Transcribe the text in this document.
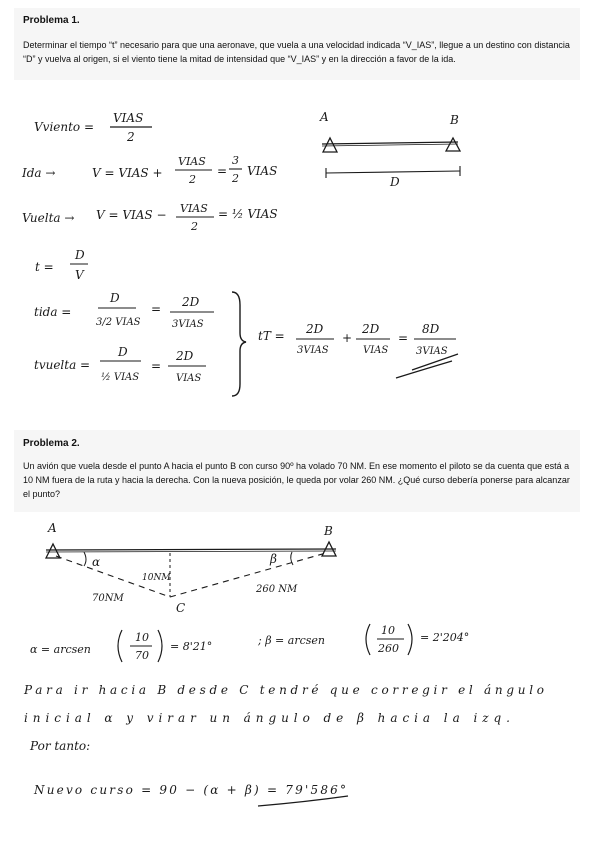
Problema 1.
Determinar el tiempo “t” necesario para que una aeronave, que vuela a una velocidad indicada “V_IAS”, llegue a un destino con distancia “D” y vuelva al origen, si el viento tiene la mitad de intensidad que “V_IAS” y en la dirección a favor de la ida.
Vviento =
VIAS
2
Ida →	V = VIAS +
VIAS
2
=
3
2
VIAS
Vuelta → V = VIAS − VIAS
2
= ½ VIAS
t =
D
V
tida =
D
3/2 VIAS
= 2D
3VIAS
tvuelta =
D
½ VIAS
=
2D
VIAS
tT = 2D
3VIAS
+
2D
VIAS
=
8D
3VIAS
A	B
D
Problema 2.
Un avión que vuela desde el punto A hacia el punto B con curso 90º ha volado 70 NM. En ese momento el piloto se da cuenta que está a 10 NM fuera de la ruta y hacia la derecha. Con la nueva posición, le queda por volar 260 NM. ¿Qué curso debería ponerse para alcanzar el punto?
A	B
α	β
10NM
70NM
260 NM
C
α = arcsen
10
70
= 8'21°	; β = arcsen
10
260
= 2'204°
Para ir hacia B desde C tendré que corregir el ángulo
inicial α y virar un ángulo de β hacia la izq.
Por tanto:
Nuevo curso = 90 − (α + β) = 79'586°
